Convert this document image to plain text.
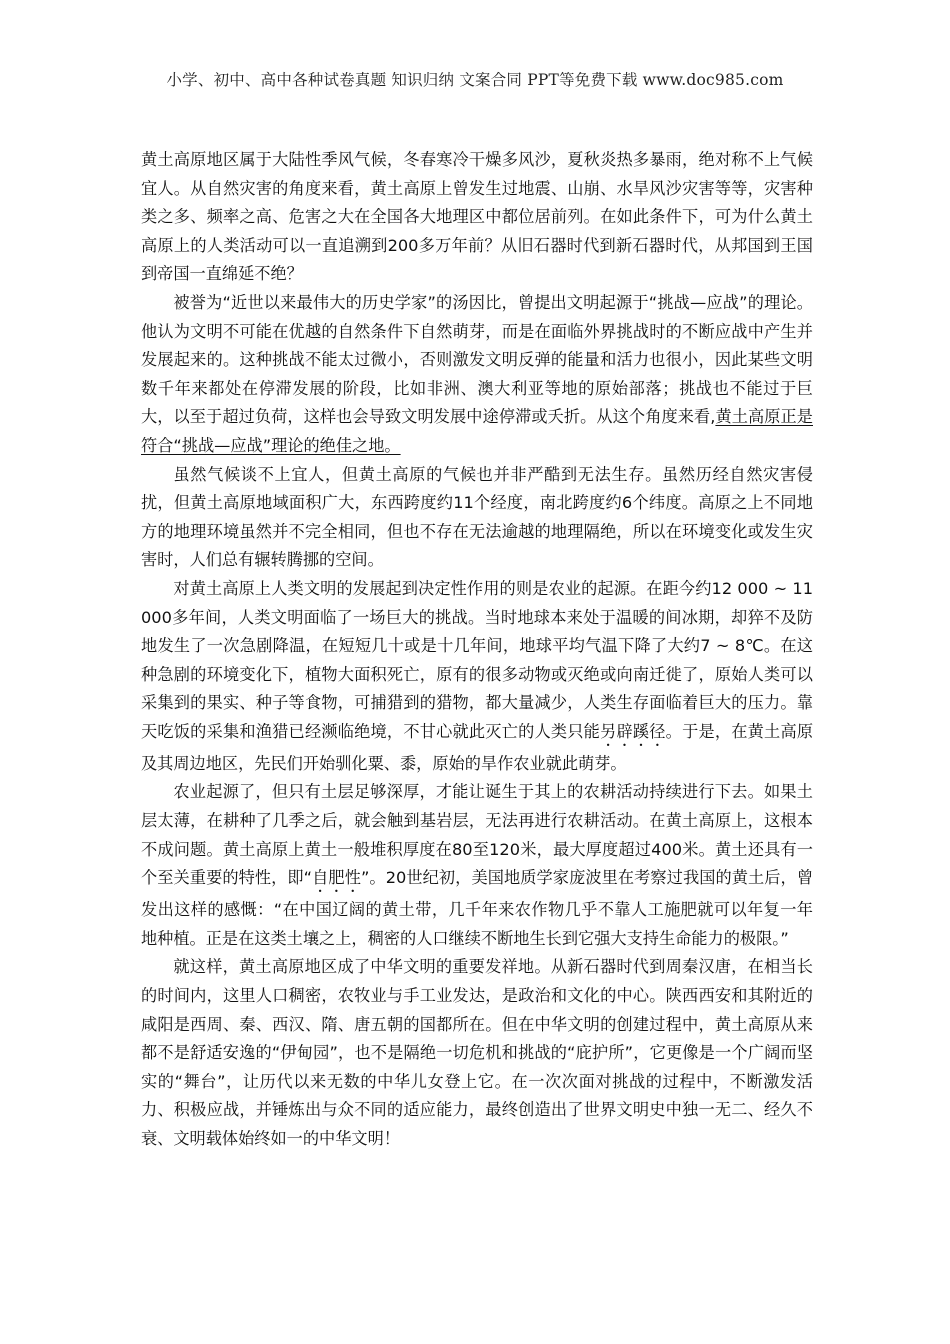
小学、初中、高中各种试卷真题 知识归纳 文案合同 PPT等免费下载 www.doc985.com

黄土高原地区属于大陆性季风气候，冬春寒冷干燥多风沙，夏秋炎热多暴雨，绝对称不上气候宜人。从自然灾害的角度来看，黄土高原上曾发生过地震、山崩、水旱风沙灾害等等，灾害种类之多、频率之高、危害之大在全国各大地理区中都位居前列。在如此条件下，可为什么黄土高原上的人类活动可以一直追溯到200多万年前？从旧石器时代到新石器时代，从邦国到王国到帝国一直绵延不绝？

被誉为“近世以来最伟大的历史学家”的汤因比，曾提出文明起源于“挑战—应战”的理论。他认为文明不可能在优越的自然条件下自然萌芽，而是在面临外界挑战时的不断应战中产生并发展起来的。这种挑战不能太过微小，否则激发文明反弹的能量和活力也很小，因此某些文明数千年来都处在停滞发展的阶段，比如非洲、澳大利亚等地的原始部落；挑战也不能过于巨大，以至于超过负荷，这样也会导致文明发展中途停滞或夭折。从这个角度来看,黄土高原正是符合“挑战—应战”理论的绝佳之地。

虽然气候谈不上宜人，但黄土高原的气候也并非严酷到无法生存。虽然历经自然灾害侵扰，但黄土高原地域面积广大，东西跨度约11个经度，南北跨度约6个纬度。高原之上不同地方的地理环境虽然并不完全相同，但也不存在无法逾越的地理隔绝，所以在环境变化或发生灾害时，人们总有辗转腾挪的空间。

对黄土高原上人类文明的发展起到决定性作用的则是农业的起源。在距今约12 000 ~ 11 000多年间，人类文明面临了一场巨大的挑战。当时地球本来处于温暖的间冰期，却猝不及防地发生了一次急剧降温，在短短几十或是十几年间，地球平均气温下降了大约7 ~ 8℃。在这种急剧的环境变化下，植物大面积死亡，原有的很多动物或灭绝或向南迁徙了，原始人类可以采集到的果实、种子等食物，可捕猎到的猎物，都大量减少，人类生存面临着巨大的压力。靠天吃饭的采集和渔猎已经濒临绝境，不甘心就此灭亡的人类只能另辟蹊径。于是，在黄土高原及其周边地区，先民们开始驯化粟、黍，原始的旱作农业就此萌芽。

农业起源了，但只有土层足够深厚，才能让诞生于其上的农耕活动持续进行下去。如果土层太薄，在耕种了几季之后，就会触到基岩层，无法再进行农耕活动。在黄土高原上，这根本不成问题。黄土高原上黄土一般堆积厚度在80至120米，最大厚度超过400米。黄土还具有一个至关重要的特性，即“自肥性”。20世纪初，美国地质学家庞波里在考察过我国的黄土后，曾发出这样的感慨：“在中国辽阔的黄土带，几千年来农作物几乎不靠人工施肥就可以年复一年地种植。正是在这类土壤之上，稠密的人口继续不断地生长到它强大支持生命能力的极限。”

就这样，黄土高原地区成了中华文明的重要发祥地。从新石器时代到周秦汉唐，在相当长的时间内，这里人口稠密，农牧业与手工业发达，是政治和文化的中心。陕西西安和其附近的咸阳是西周、秦、西汉、隋、唐五朝的国都所在。但在中华文明的创建过程中，黄土高原从来都不是舒适安逸的“伊甸园”，也不是隔绝一切危机和挑战的“庇护所”，它更像是一个广阔而坚实的“舞台”，让历代以来无数的中华儿女登上它。在一次次面对挑战的过程中，不断激发活力、积极应战，并锤炼出与众不同的适应能力，最终创造出了世界文明史中独一无二、经久不衰、文明载体始终如一的中华文明！
